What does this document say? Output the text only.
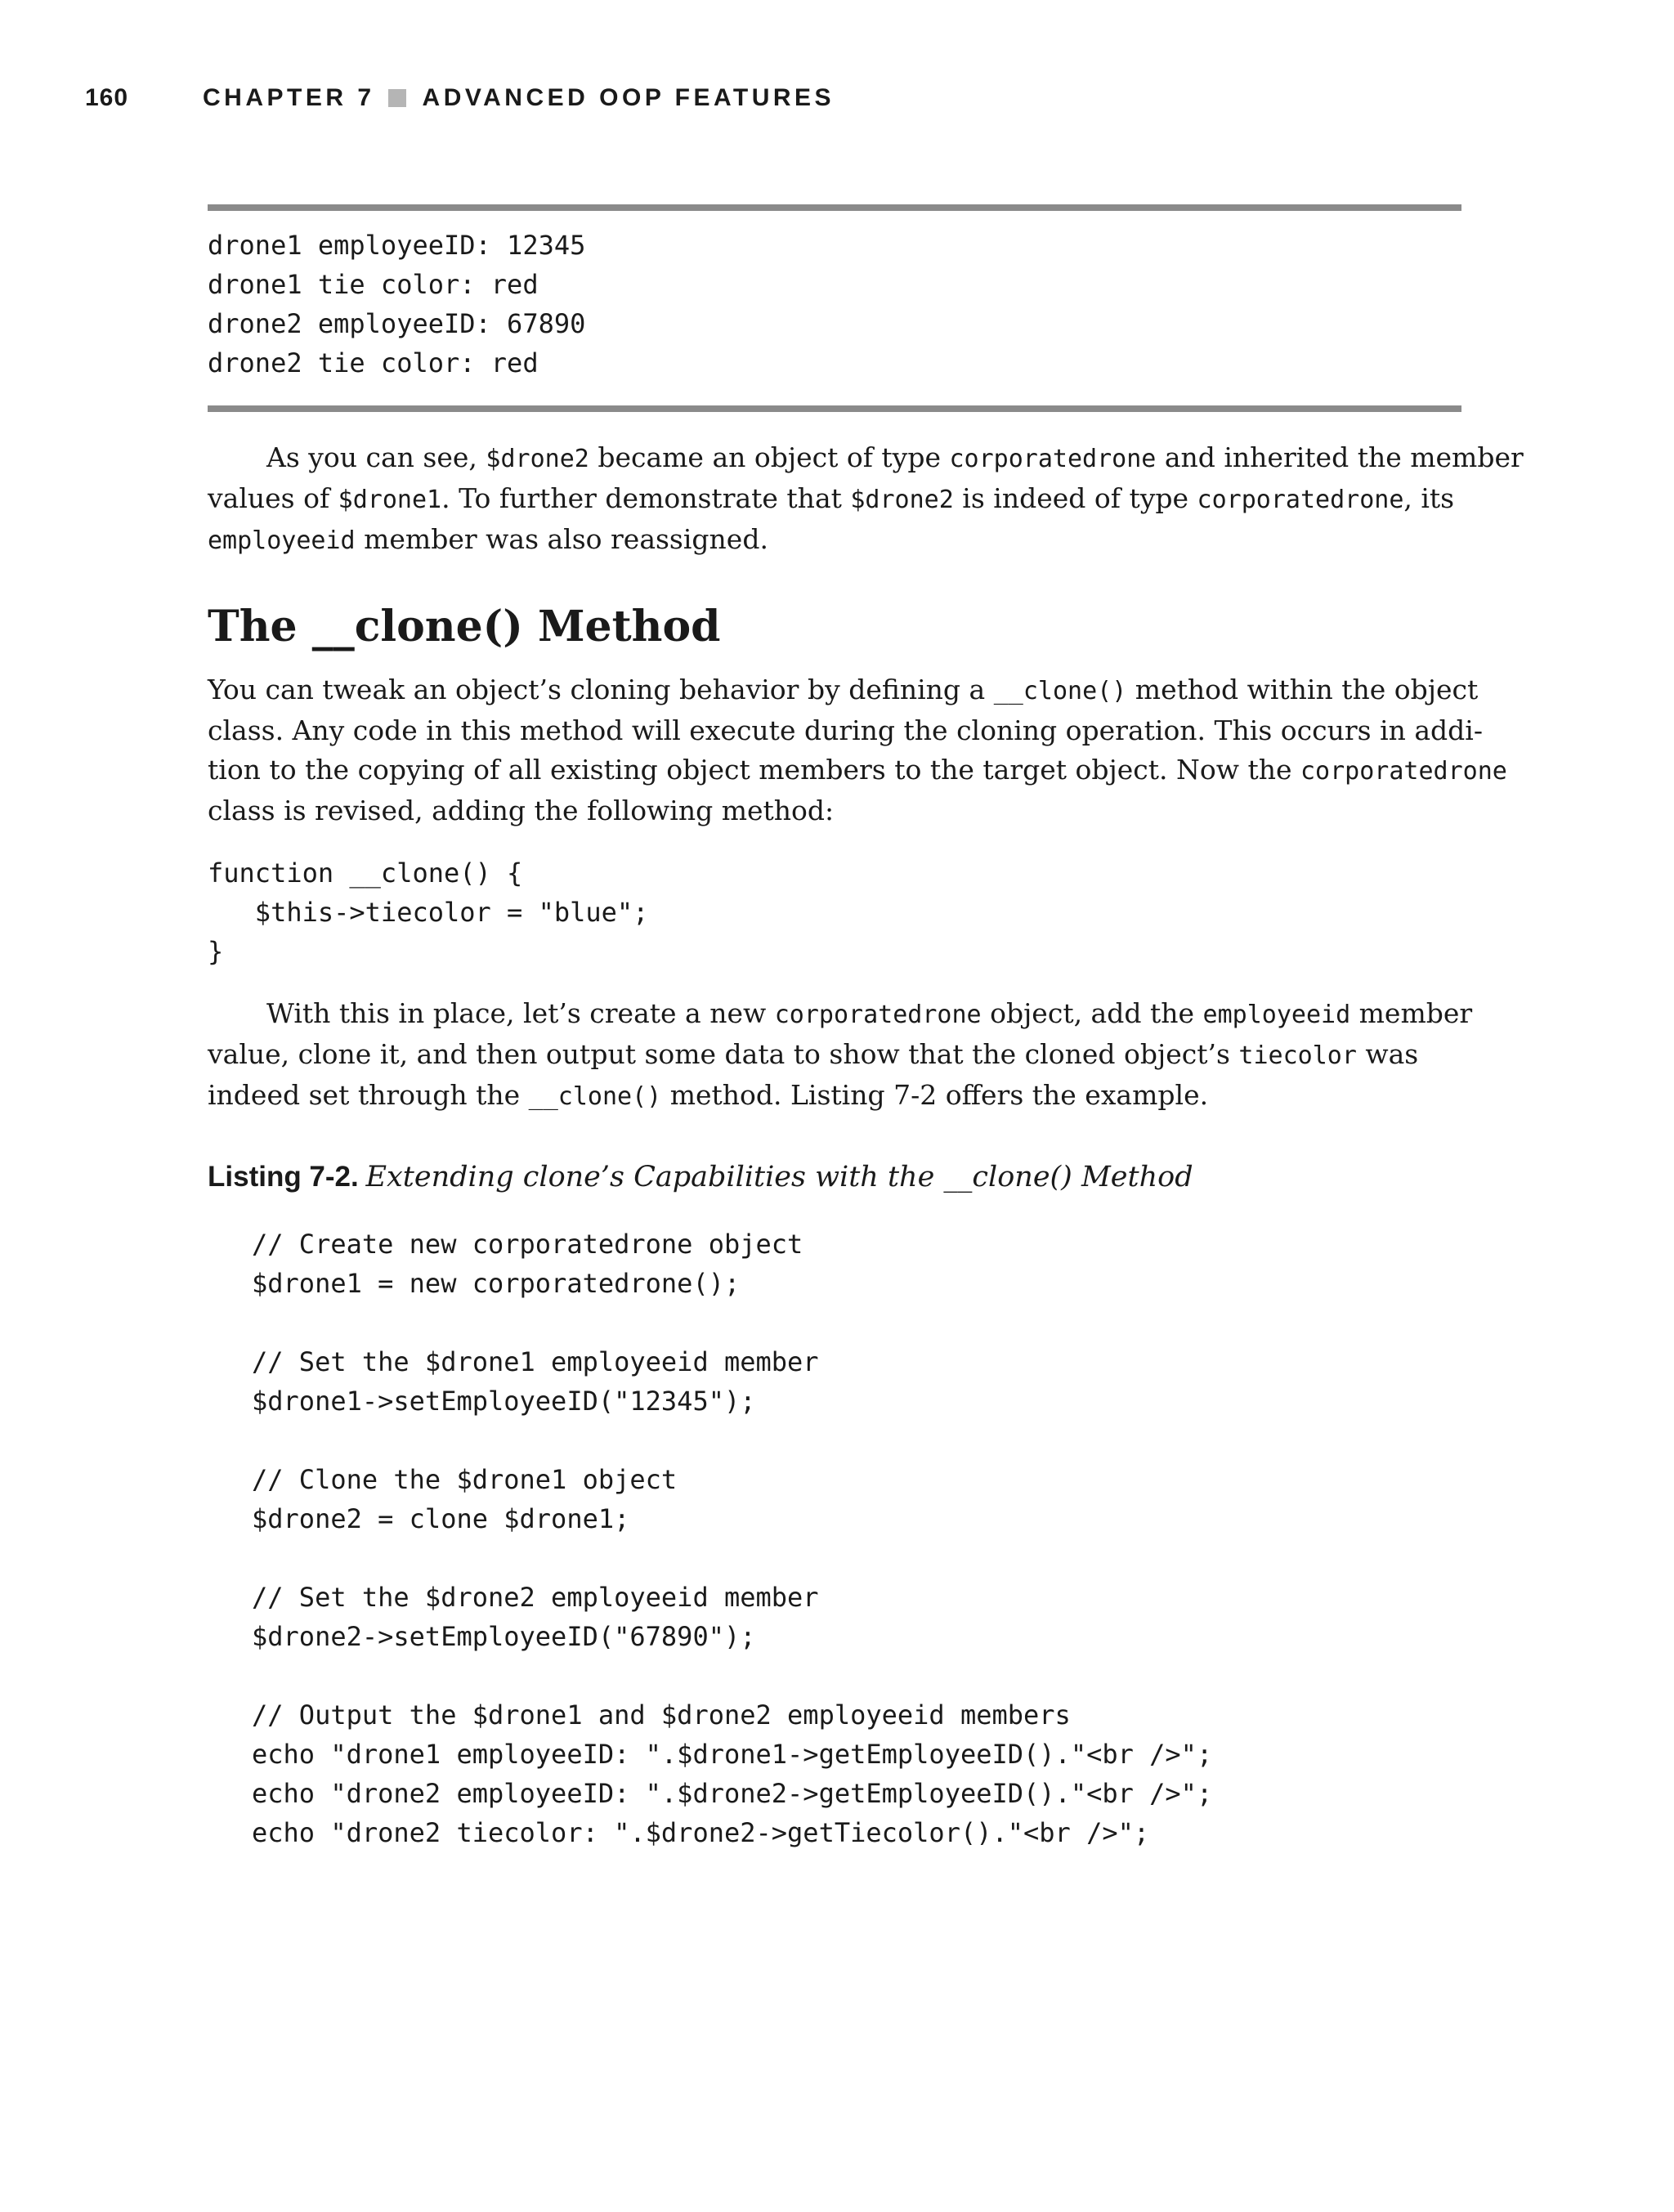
160	CHAPTER 7 ADVANCED OOP FEATURES
drone1 employeeID: 12345
drone1 tie color: red
drone2 employeeID: 67890
drone2 tie color: red

As you can see, $drone2 became an object of type corporatedrone and inherited the member

values of $drone1. To further demonstrate that $drone2 is indeed of type corporatedrone, its

employeeid member was also reassigned.

The __clone() Method

You can tweak an object’s cloning behavior by defining a __clone() method within the object

class. Any code in this method will execute during the cloning operation. This occurs in addi-

tion to the copying of all existing object members to the target object. Now the corporatedrone

class is revised, adding the following method:

function __clone() {
$this->tiecolor = "blue";
}

With this in place, let’s create a new corporatedrone object, add the employeeid member

value, clone it, and then output some data to show that the cloned object’s tiecolor was

indeed set through the __clone() method. Listing 7-2 offers the example.

Listing 7-2. Extending clone’s Capabilities with the __clone() Method
// Create new corporatedrone object
$drone1 = new corporatedrone();

// Set the $drone1 employeeid member
$drone1->setEmployeeID("12345");

// Clone the $drone1 object
$drone2 = clone $drone1;

// Set the $drone2 employeeid member
$drone2->setEmployeeID("67890");

// Output the $drone1 and $drone2 employeeid members
echo "drone1 employeeID: ".$drone1->getEmployeeID()."<br />";
echo "drone2 employeeID: ".$drone2->getEmployeeID()."<br />";
echo "drone2 tiecolor: ".$drone2->getTiecolor()."<br />";
